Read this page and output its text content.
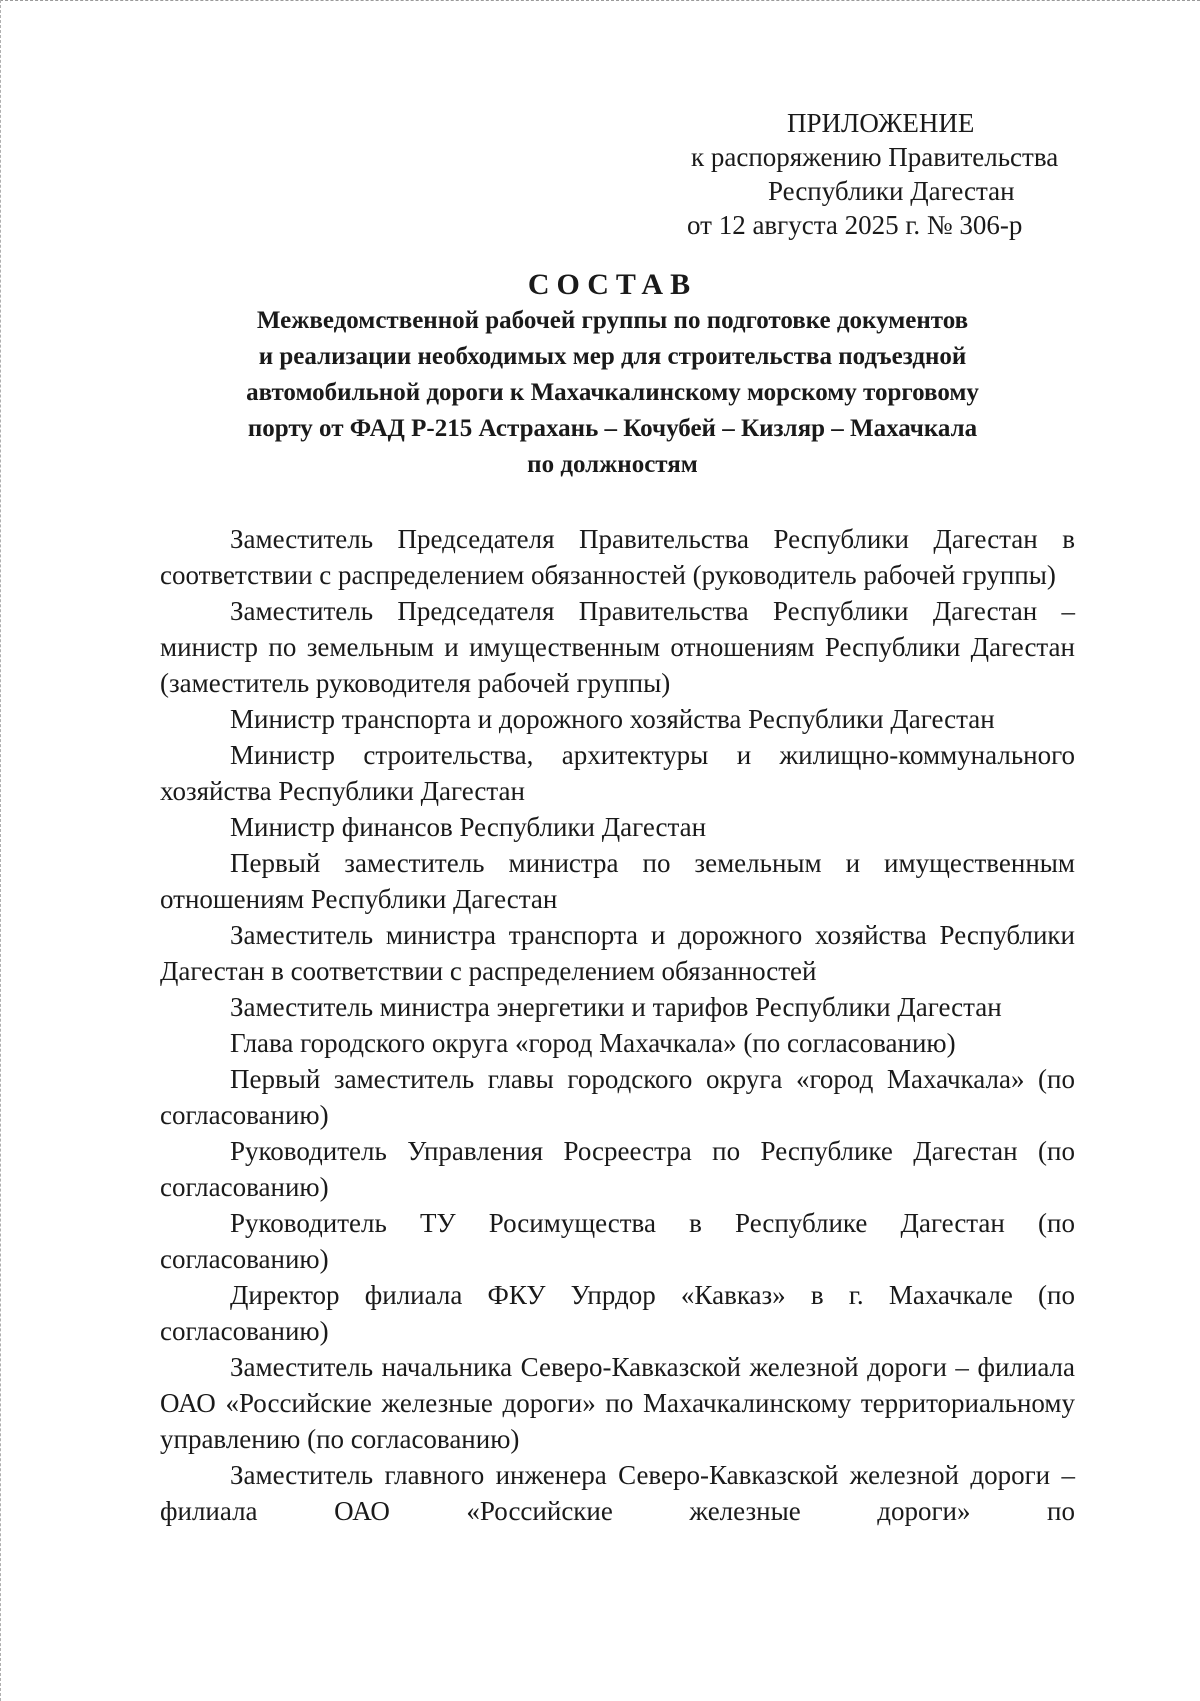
ПРИЛОЖЕНИЕ
к распоряжению Правительства
Республики Дагестан
от 12 августа 2025 г. № 306-р
СОСТАВ
Межведомственной рабочей группы по подготовке документов
и реализации необходимых мер для строительства подъездной
автомобильной дороги к Махачкалинскому морскому торговому
порту от ФАД Р-215 Астрахань – Кочубей – Кизляр – Махачкала
по должностям

Заместитель Председателя Правительства Республики Дагестан в соответствии с распределением обязанностей (руководитель рабочей группы)

Заместитель Председателя Правительства Республики Дагестан – министр по земельным и имущественным отношениям Республики Дагестан (заместитель руководителя рабочей группы)

Министр транспорта и дорожного хозяйства Республики Дагестан

Министр строительства, архитектуры и жилищно-коммунального хозяйства Республики Дагестан

Министр финансов Республики Дагестан

Первый заместитель министра по земельным и имущественным отношениям Республики Дагестан

Заместитель министра транспорта и дорожного хозяйства Республики Дагестан в соответствии с распределением обязанностей

Заместитель министра энергетики и тарифов Республики Дагестан

Глава городского округа «город Махачкала» (по согласованию)

Первый заместитель главы городского округа «город Махачкала» (по согласованию)

Руководитель Управления Росреестра по Республике Дагестан (по согласованию)

Руководитель ТУ Росимущества в Республике Дагестан (по согласованию)

Директор филиала ФКУ Упрдор «Кавказ» в г. Махачкале (по согласованию)

Заместитель начальника Северо-Кавказской железной дороги – филиала ОАО «Российские железные дороги» по Махачкалинскому территориальному управлению (по согласованию)

Заместитель главного инженера Северо-Кавказской железной дороги – филиала ОАО «Российские железные дороги» по
